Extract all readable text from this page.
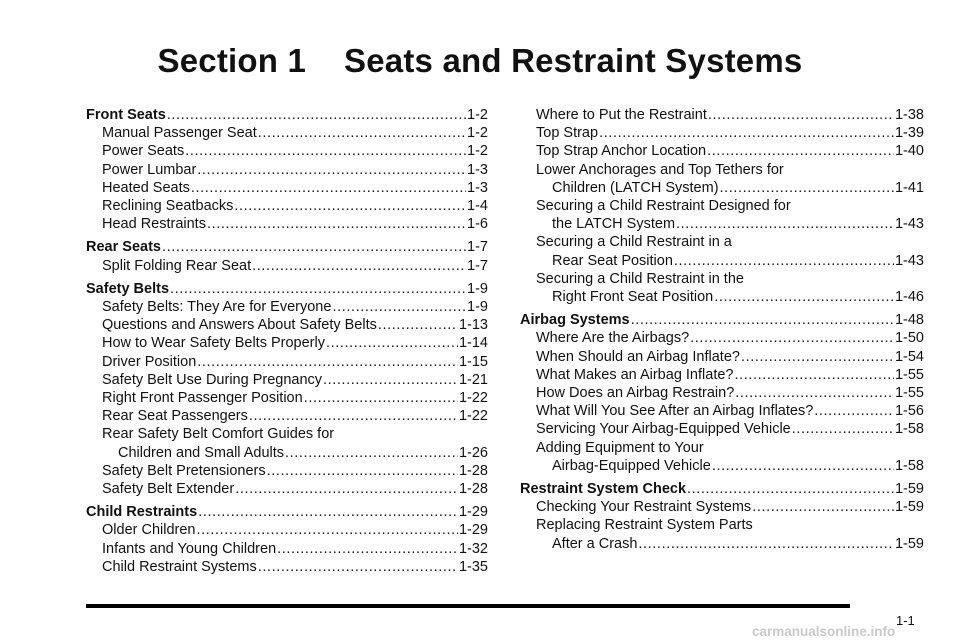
Section 1 Seats and Restraint Systems
Front Seats .....	1-2
Manual Passenger Seat .....	1-2
Power Seats .....	1-2
Power Lumbar .....	1-3
Heated Seats .....	1-3
Reclining Seatbacks .....	1-4
Head Restraints .....	1-6
Rear Seats .....	1-7
Split Folding Rear Seat .....	1-7
Safety Belts .....	1-9
Safety Belts: They Are for Everyone .....	1-9
Questions and Answers About Safety Belts .....	1-13
How to Wear Safety Belts Properly .....	1-14
Driver Position .....	1-15
Safety Belt Use During Pregnancy .....	1-21
Right Front Passenger Position .....	1-22
Rear Seat Passengers .....	1-22
Rear Safety Belt Comfort Guides for
Children and Small Adults .....	1-26
Safety Belt Pretensioners .....	1-28
Safety Belt Extender .....	1-28
Child Restraints .....	1-29
Older Children .....	1-29
Infants and Young Children .....	1-32
Child Restraint Systems .....	1-35
Where to Put the Restraint .....	1-38
Top Strap .....	1-39
Top Strap Anchor Location .....	1-40
Lower Anchorages and Top Tethers for
Children (LATCH System) .....	1-41
Securing a Child Restraint Designed for
the LATCH System .....	1-43
Securing a Child Restraint in a
Rear Seat Position .....	1-43
Securing a Child Restraint in the
Right Front Seat Position .....	1-46
Airbag Systems .....	1-48
Where Are the Airbags? .....	1-50
When Should an Airbag Inflate? .....	1-54
What Makes an Airbag Inflate? .....	1-55
How Does an Airbag Restrain? .....	1-55
What Will You See After an Airbag Inflates? .....	1-56
Servicing Your Airbag-Equipped Vehicle .....	1-58
Adding Equipment to Your
Airbag-Equipped Vehicle .....	1-58
Restraint System Check .....	1-59
Checking Your Restraint Systems .....	1-59
Replacing Restraint System Parts
After a Crash .....	1-59
1-1
carmanualsonline.info
